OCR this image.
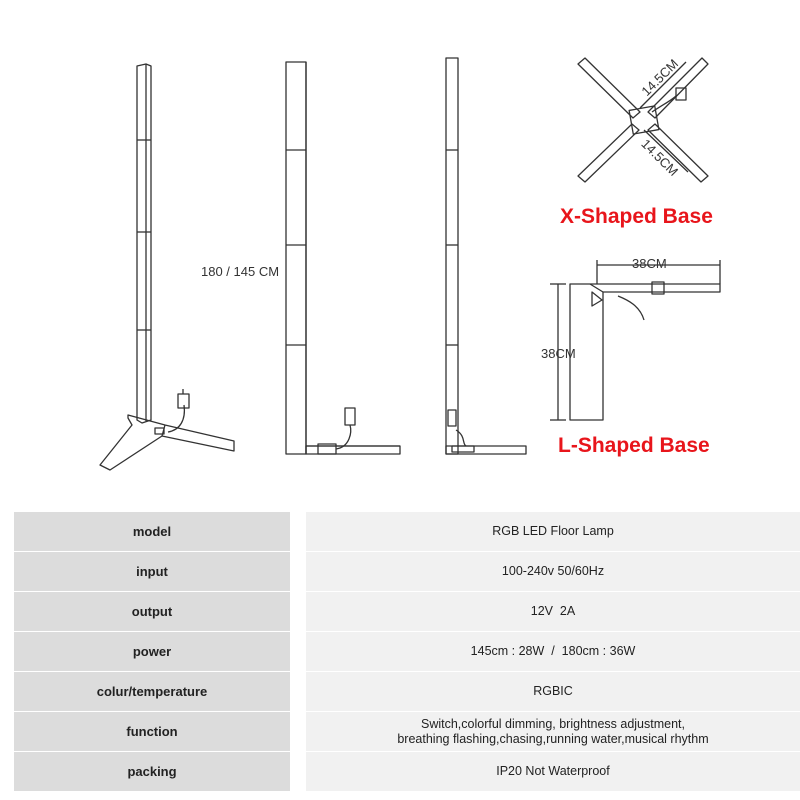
180 / 145 CM
14.5CM
14.5CM
X-Shaped Base
38CM
38CM
L-Shaped Base
model	RGB LED Floor Lamp
input	100-240v 50/60Hz
output	12V  2A
power	145cm : 28W  /  180cm : 36W
colur/temperature	RGBIC
function	Switch,colorful dimming, brightness adjustment,
breathing flashing,chasing,running water,musical rhythm

packing	IP20 Not Waterproof
